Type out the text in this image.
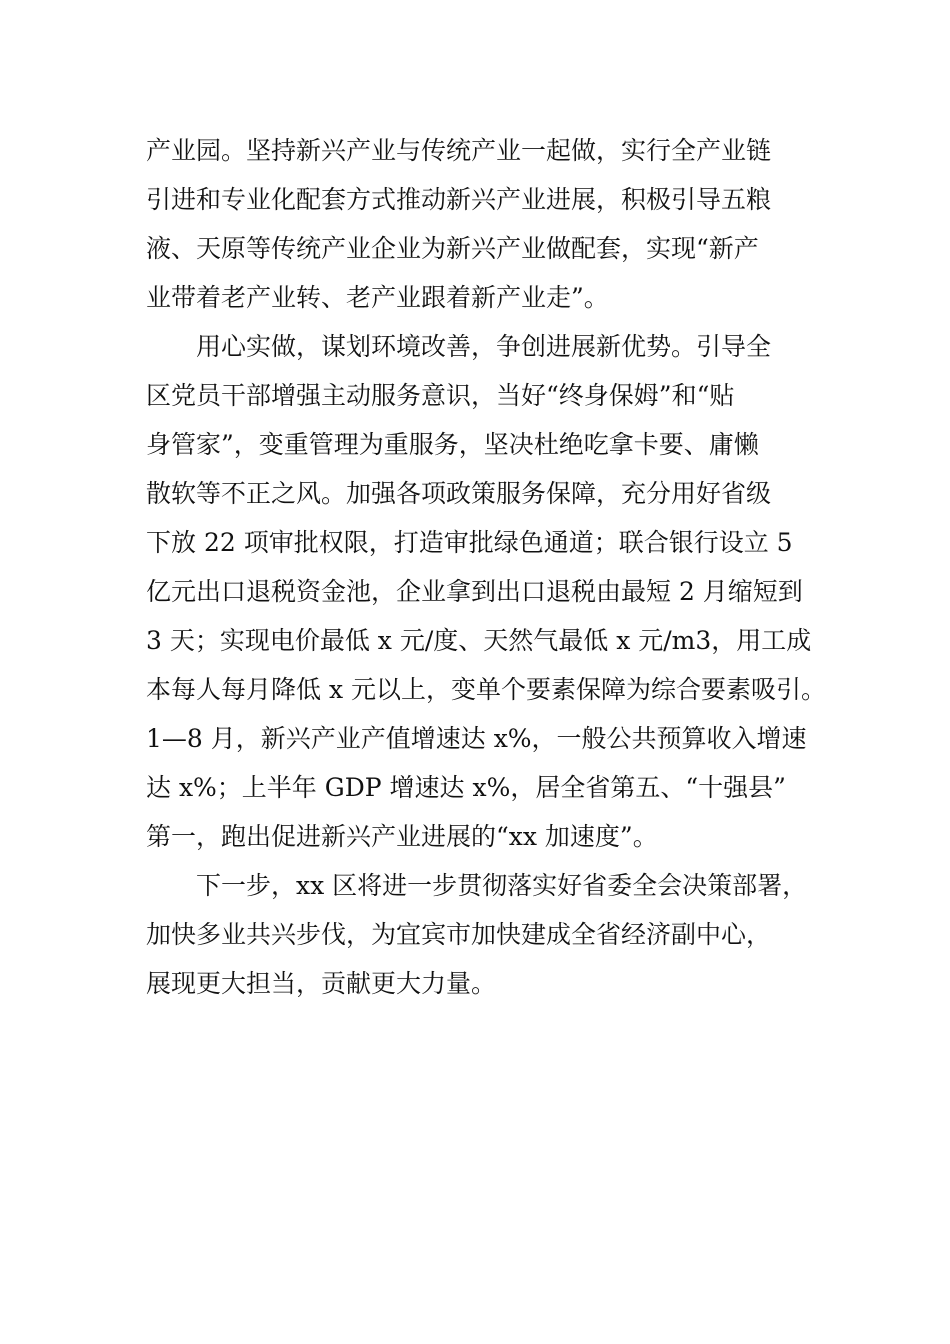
产业园。坚持新兴产业与传统产业一起做，实行全产业链
引进和专业化配套方式推动新兴产业进展，积极引导五粮
液、天原等传统产业企业为新兴产业做配套，实现“新产
业带着老产业转、老产业跟着新产业走”。
用心实做，谋划环境改善，争创进展新优势。引导全
区党员干部增强主动服务意识，当好“终身保姆”和“贴
身管家”，变重管理为重服务，坚决杜绝吃拿卡要、庸懒
散软等不正之风。加强各项政策服务保障，充分用好省级
下放 22 项审批权限，打造审批绿色通道；联合银行设立 5
亿元出口退税资金池，企业拿到出口退税由最短 2 月缩短到
3 天；实现电价最低 x 元/度、天然气最低 x 元/m3，用工成
本每人每月降低 x 元以上，变单个要素保障为综合要素吸引。
1—8 月，新兴产业产值增速达 x%，一般公共预算收入增速
达 x%；上半年 GDP 增速达 x%，居全省第五、“十强县”
第一，跑出促进新兴产业进展的“xx 加速度”。
下一步，xx 区将进一步贯彻落实好省委全会决策部署，
加快多业共兴步伐，为宜宾市加快建成全省经济副中心，
展现更大担当，贡献更大力量。
